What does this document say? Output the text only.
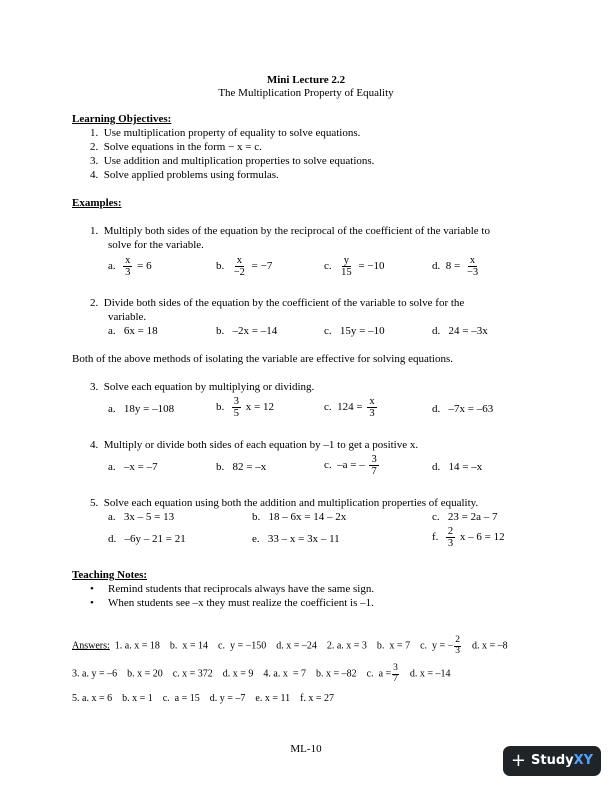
Mini Lecture 2.2
The Multiplication Property of Equality
Learning Objectives:
1. Use multiplication property of equality to solve equations.
2. Solve equations in the form − x = c.
3. Use addition and multiplication properties to solve equations.
4. Solve applied problems using formulas.
Examples:
1. Multiply both sides of the equation by the reciprocal of the coefficient of the variable to
solve for the variable.
a. $\frac{x}{3} = 6$	b. $\frac{x}{-2} = -7$	c. $\frac{y}{15} = -10$	d. $8 = \frac{x}{-3}$
2. Divide both sides of the equation by the coefficient of the variable to solve for the
variable.
a.  6x = 18	b.  –2x = –14	c.  15y = –10	d.  24 = –3x
Both of the above methods of isolating the variable are effective for solving equations.
3. Solve each equation by multiplying or dividing.
a.  18y = –108	b. $\frac{3}{5}$ x = 12	c. $124 = \frac{x}{3}$	d.  –7x = –63
4. Multiply or divide both sides of each equation by –1 to get a positive x.
a.  –x = –7	b.  82 = –x	c. –a = – $\frac{3}{7}$	d.  14 = –x
5. Solve each equation using both the addition and multiplication properties of equality.
a.  3x – 5 = 13	b.  18 – 6x = 14 – 2x	c.  23 = 2a – 7
d.  –6y – 21 = 21	e.  33 – x = 3x – 11	f. $\frac{2}{3}$ x – 6 = 12
Teaching Notes:
• Remind students that reciprocals always have the same sign.
• When students see –x they must realize the coefficient is –1.
Answers: 1. a. x = 18 b. x = 14 c. y = −150 d. x = –24 2. a. x = 3 b. x = 7 c. y = − $\frac{2}{3}$  d. x = –8
3. a. y = –6 b. x = 20 c. x = 372 d. x = 9 4. a. x = 7 b. x = –82 c. $a = \frac{3}{7}$  d. x = –14
5. a. x = 6 b. x = 1 c. a = 15 d. y = –7 e. x = 11 f. x = 27
ML-10
+ Study XY
